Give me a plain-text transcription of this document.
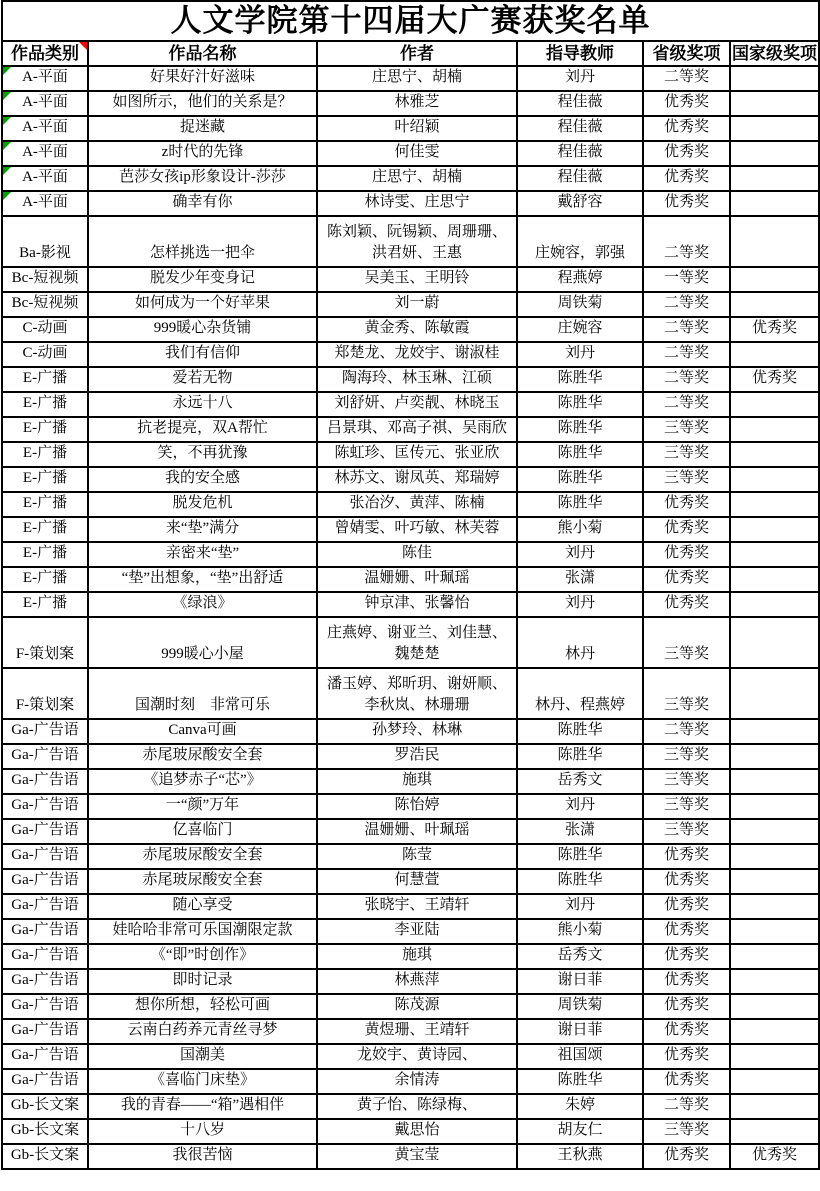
人文学院第十四届大广赛获奖名单					

作品类别	作品名称	作者	指导教师	省级奖项	国家级奖项

A-平面	好果好汁好滋味	庄思宁、胡楠	刘丹	二等奖	

A-平面	如图所示，他们的关系是？	林雅芝	程佳薇	优秀奖	

A-平面	捉迷藏	叶绍颖	程佳薇	优秀奖	

A-平面	z时代的先锋	何佳雯	程佳薇	优秀奖	

A-平面	芭莎女孩ip形象设计-莎莎	庄思宁、胡楠	程佳薇	优秀奖	

A-平面	确幸有你	林诗雯、庄思宁	戴舒容	优秀奖	
Ba-影视	怎样挑选一把伞	陈刘颖、阮锡颖、周珊珊、洪君妍、王惠	庄婉容，郭强	二等奖	
Bc-短视频	脱发少年变身记	吴美玉、王明铃	程燕婷	一等奖	
Bc-短视频	如何成为一个好苹果	刘一蔚	周铁菊	二等奖	
C-动画	999暖心杂货铺	黄金秀、陈敏霞	庄婉容	二等奖	优秀奖
C-动画	我们有信仰	郑楚龙、龙姣宇、谢淑桂	刘丹	二等奖	
E-广播	爱若无物	陶海玲、林玉琳、江硕	陈胜华	二等奖	优秀奖
E-广播	永远十八	刘舒妍、卢奕靓、林晓玉	陈胜华	二等奖	
E-广播	抗老提亮，双A帮忙	吕景琪、邓高子祺、吴雨欣	陈胜华	三等奖	
E-广播	笑，不再犹豫	陈虹珍、匡传元、张亚欣	陈胜华	三等奖	
E-广播	我的安全感	林苏文、谢凤英、郑瑞婷	陈胜华	三等奖	
E-广播	脱发危机	张冶汐、黄萍、陈楠	陈胜华	优秀奖	
E-广播	来“垫”满分	曾婧雯、叶巧敏、林芙蓉	熊小菊	优秀奖	
E-广播	亲密来“垫”	陈佳	刘丹	优秀奖	
E-广播	“垫”出想象，“垫”出舒适	温姗姗、叶珮瑶	张潇	优秀奖	
E-广播	《绿浪》	钟京津、张馨怡	刘丹	优秀奖	
F-策划案	999暖心小屋	庄燕婷、谢亚兰、刘佳慧、魏楚楚	林丹	三等奖	
F-策划案	国潮时刻　非常可乐	潘玉婷、郑昕玥、谢妍顺、李秋岚、林珊珊	林丹、程燕婷	三等奖	
Ga-广告语	Canva可画	孙梦玲、林琳	陈胜华	二等奖	
Ga-广告语	赤尾玻尿酸安全套	罗浩民	陈胜华	三等奖	
Ga-广告语	《追梦赤子“芯”》	施琪	岳秀文	三等奖	
Ga-广告语	一“颜”万年	陈怡婷	刘丹	三等奖	
Ga-广告语	亿喜临门	温姗姗、叶珮瑶	张潇	三等奖	
Ga-广告语	赤尾玻尿酸安全套	陈莹	陈胜华	优秀奖	
Ga-广告语	赤尾玻尿酸安全套	何慧萱	陈胜华	优秀奖	
Ga-广告语	随心享受	张晓宇、王靖轩	刘丹	优秀奖	
Ga-广告语	娃哈哈非常可乐国潮限定款	李亚陆	熊小菊	优秀奖	
Ga-广告语	《“即”时创作》	施琪	岳秀文	优秀奖	
Ga-广告语	即时记录	林燕萍	谢日菲	优秀奖	
Ga-广告语	想你所想，轻松可画	陈茂源	周铁菊	优秀奖	
Ga-广告语	云南白药养元青丝寻梦	黄煜珊、王靖轩	谢日菲	优秀奖	
Ga-广告语	国潮美	龙姣宇、黄诗园、	祖国颂	优秀奖	
Ga-广告语	《喜临门床垫》	余情涛	陈胜华	优秀奖	
Gb-长文案	我的青春——“箱”遇相伴	黄子怡、陈绿梅、	朱婷	二等奖	
Gb-长文案	十八岁	戴思怡	胡友仁	三等奖	
Gb-长文案	我很苦恼	黄宝莹	王秋燕	优秀奖	优秀奖
